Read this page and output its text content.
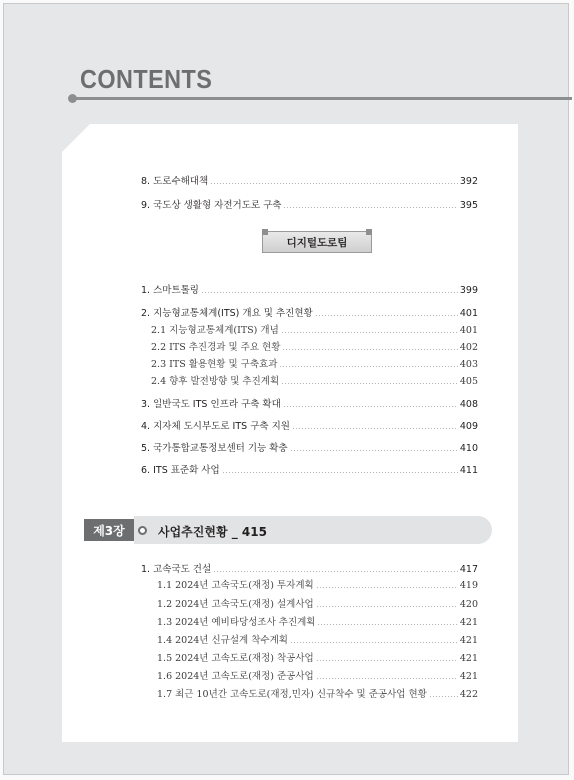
CONTENTS
8. 도로수해대책	392
9. 국도상 생활형 자전거도로 구축	395
디지털도로팀
1. 스마트톨링	399
2. 지능형교통체계(ITS) 개요 및 추진현황	401
2.1 지능형교통체계(ITS) 개념	401
2.2 ITS 추진경과 및 주요 현황	402
2.3 ITS 활용현황 및 구축효과	403
2.4 향후 발전방향 및 추진계획	405
3. 일반국도 ITS 인프라 구축 확대	408
4. 지자체 도시부도로 ITS 구축 지원	409
5. 국가통합교통정보센터 기능 확충	410
6. ITS 표준화 사업	411
제3장	사업추진현황 _ 415
1. 고속국도 건설	417
1.1 2024년 고속국도(재정) 투자계획	419
1.2 2024년 고속국도(재정) 설계사업	420
1.3 2024년 예비타당성조사 추진계획	421
1.4 2024년 신규설계 착수계획	421
1.5 2024년 고속도로(재정) 착공사업	421
1.6 2024년 고속도로(재정) 준공사업	421
1.7 최근 10년간 고속도로(재정,민자) 신규착수 및 준공사업 현황	422
